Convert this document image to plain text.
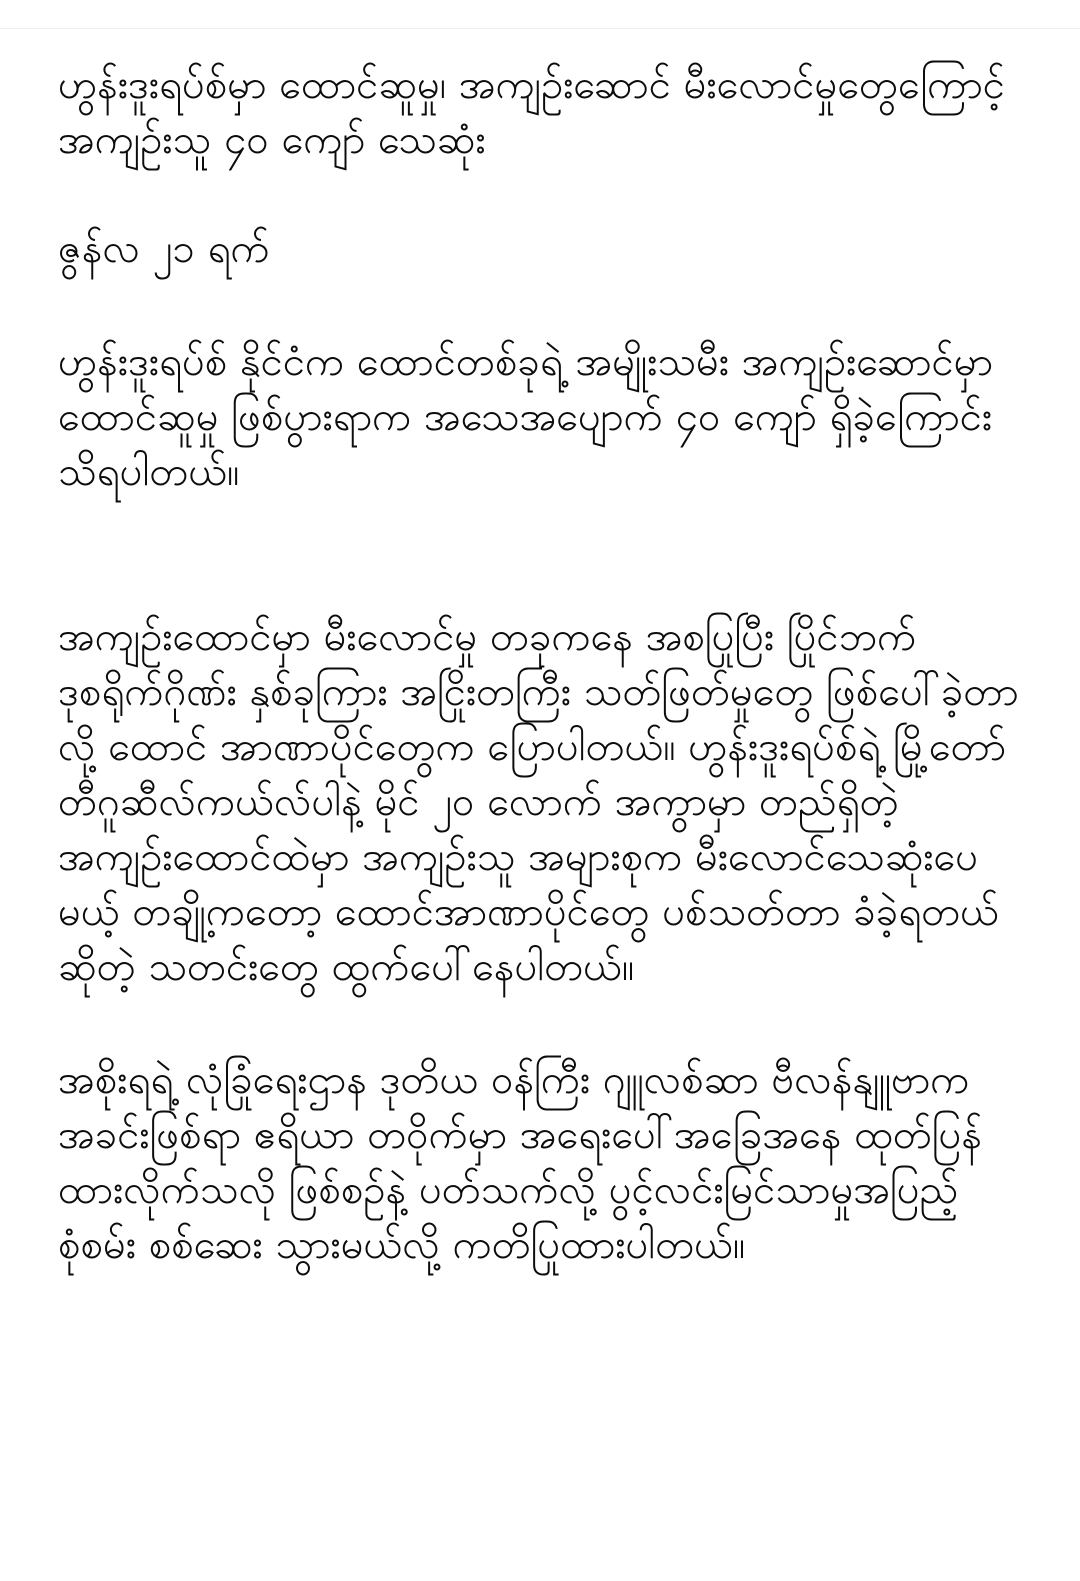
ဟွန်းဒူးရပ်စ်မှာ ထောင်ဆူမှု၊ အကျဉ်းဆောင် မီးလောင်မှုတွေကြောင့် အကျဉ်းသူ ၄၀ ကျော် သေဆုံး

ဇွန်လ ၂၁ ရက်

ဟွန်းဒူးရပ်စ် နိုင်ငံက ထောင်တစ်ခုရဲ့ အမျိုးသမီး အကျဉ်းဆောင်မှာ ထောင်ဆူမှု ဖြစ်ပွားရာက အသေအပျောက် ၄၀ ကျော် ရှိခဲ့ကြောင်း သိရပါတယ်။

အကျဉ်းထောင်မှာ မီးလောင်မှု တခုကနေ အစပြုပြီး ပြိုင်ဘက် ဒုစရိုက်ဂိုဏ်း နှစ်ခုကြား အငြိုးတကြီး သတ်ဖြတ်မှုတွေ ဖြစ်ပေါ်ခဲ့တာလို့ ထောင် အာဏာပိုင်တွေက ပြောပါတယ်။ ဟွန်းဒူးရပ်စ်ရဲ့ မြို့တော် တီဂူဆီလ်ကယ်လ်ပါနဲ့ မိုင် ၂၀ လောက် အကွာမှာ တည်ရှိတဲ့ အကျဉ်းထောင်ထဲမှာ အကျဉ်းသူ အများစုက မီးလောင်သေဆုံးပေမယ့် တချို့ကတော့ ထောင်အာဏာပိုင်တွေ ပစ်သတ်တာ ခံခဲ့ရတယ်ဆိုတဲ့ သတင်းတွေ ထွက်ပေါ်နေပါတယ်။

အစိုးရရဲ့ လုံခြုံရေးဌာန ဒုတိယ ဝန်ကြီး ဂျူလစ်ဆာ ဗီလန်နျူဗာက အခင်းဖြစ်ရာ ဧရိယာ တဝိုက်မှာ အရေးပေါ်အခြေအနေ ထုတ်ပြန်ထားလိုက်သလို ဖြစ်စဉ်နဲ့ ပတ်သက်လို့ ပွင့်လင်းမြင်သာမှုအပြည့် စုံစမ်း စစ်ဆေး သွားမယ်လို့ ကတိပြုထားပါတယ်။
